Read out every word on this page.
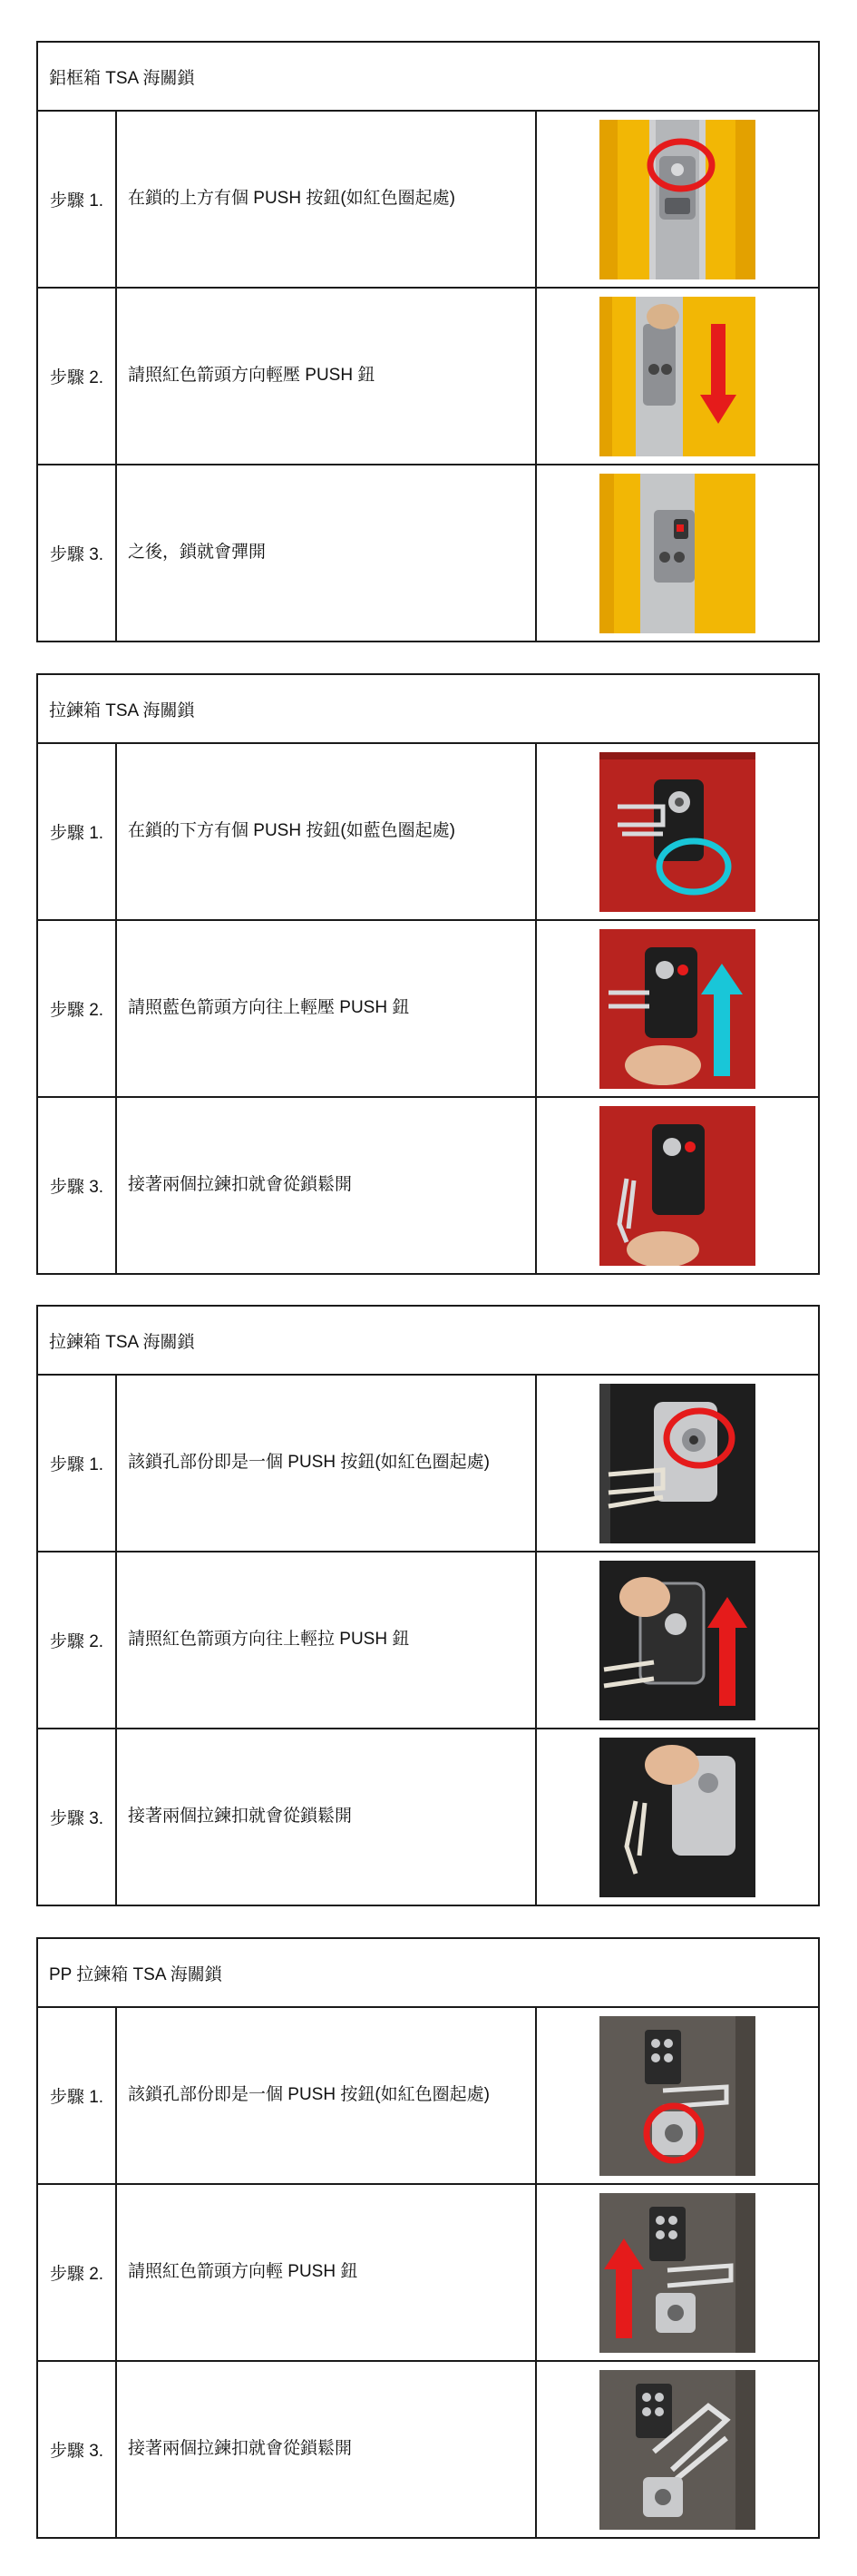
鋁框箱 TSA 海關鎖
步驟 1.	在鎖的上方有個 PUSH 按鈕(如紅色圈起處)
步驟 2.	請照紅色箭頭方向輕壓 PUSH 鈕
步驟 3.	之後，鎖就會彈開
拉鍊箱 TSA 海關鎖
步驟 1.	在鎖的下方有個 PUSH 按鈕(如藍色圈起處)
步驟 2.	請照藍色箭頭方向往上輕壓 PUSH 鈕
步驟 3.	接著兩個拉鍊扣就會從鎖鬆開
拉鍊箱 TSA 海關鎖
步驟 1.	該鎖孔部份即是一個 PUSH 按鈕(如紅色圈起處)
步驟 2.	請照紅色箭頭方向往上輕拉 PUSH 鈕
步驟 3.	接著兩個拉鍊扣就會從鎖鬆開
PP 拉鍊箱 TSA 海關鎖
步驟 1.	該鎖孔部份即是一個 PUSH 按鈕(如紅色圈起處)
步驟 2.	請照紅色箭頭方向輕 PUSH 鈕
步驟 3.	接著兩個拉鍊扣就會從鎖鬆開
